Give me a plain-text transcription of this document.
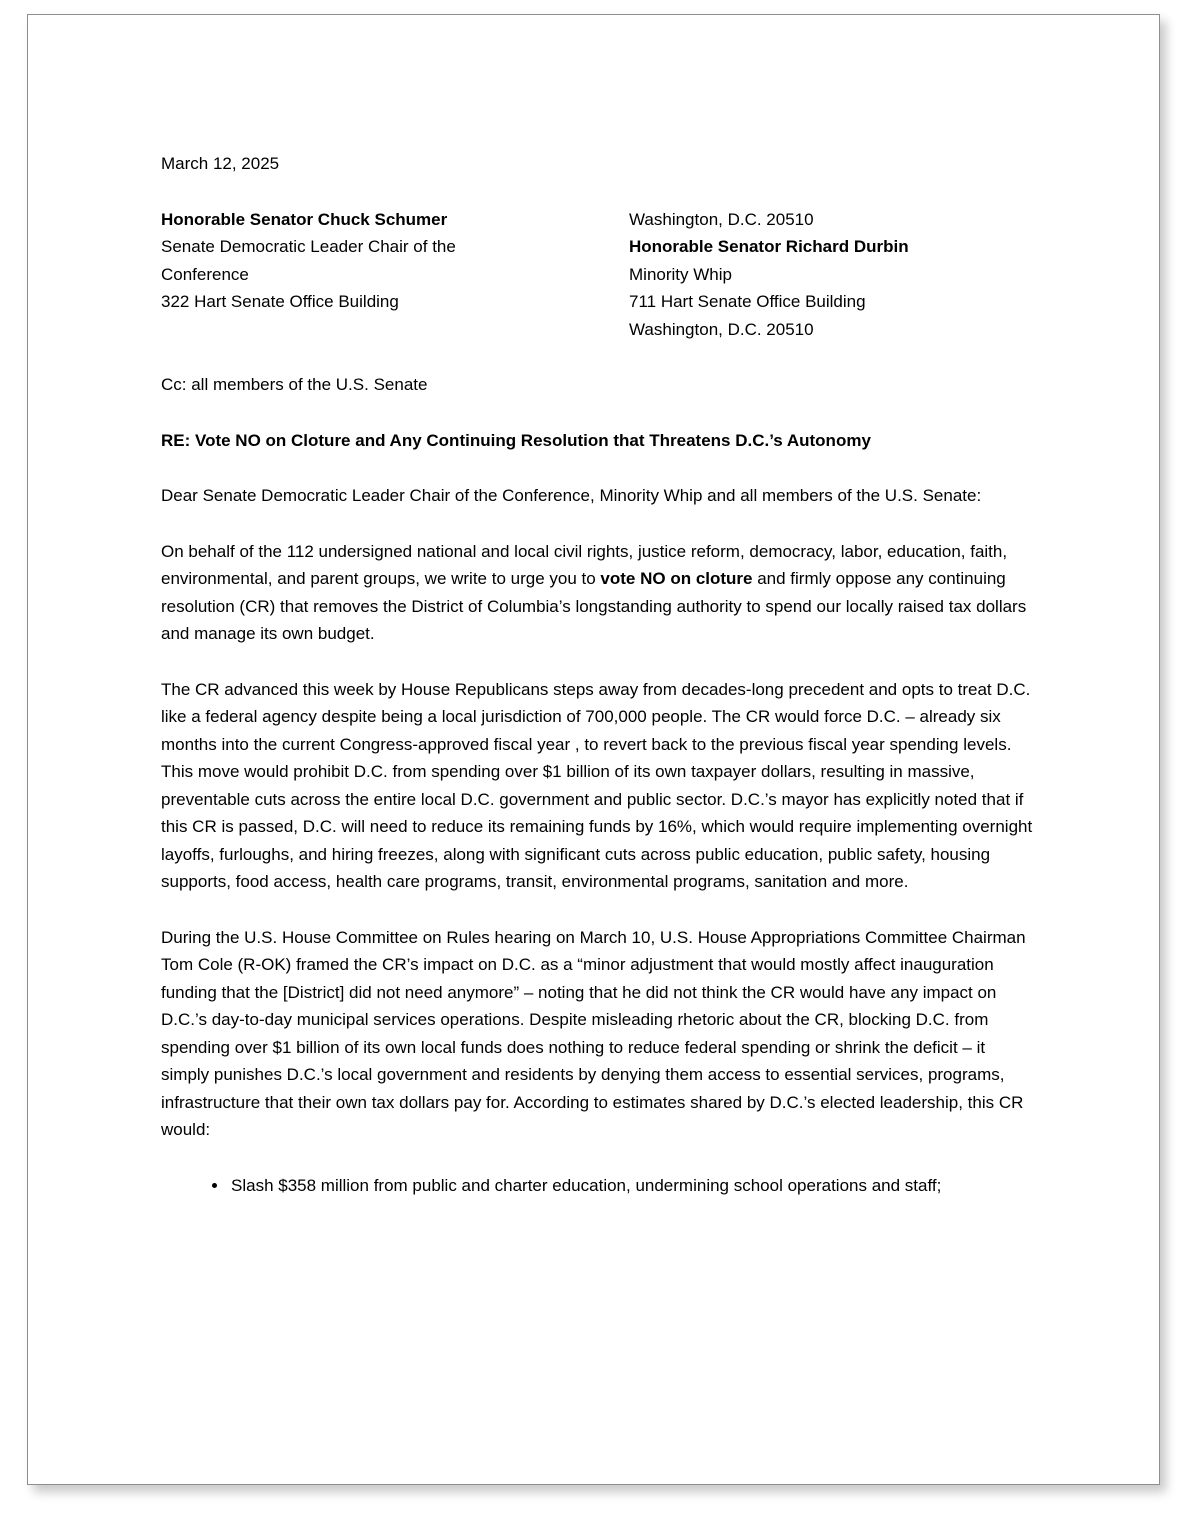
March 12, 2025

Honorable Senator Chuck Schumer
Senate Democratic Leader Chair of the
Conference
322 Hart Senate Office Building
Washington, D.C. 20510
Honorable Senator Richard Durbin
Minority Whip
711 Hart Senate Office Building
Washington, D.C. 20510

Cc: all members of the U.S. Senate

RE: Vote NO on Cloture and Any Continuing Resolution that Threatens D.C.’s Autonomy

Dear Senate Democratic Leader Chair of the Conference, Minority Whip and all members of the U.S. Senate:

On behalf of the 112 undersigned national and local civil rights, justice reform, democracy, labor, education, faith, environmental, and parent groups, we write to urge you to vote NO on cloture and firmly oppose any continuing resolution (CR) that removes the District of Columbia’s longstanding authority to spend our locally raised tax dollars and manage its own budget.

The CR advanced this week by House Republicans steps away from decades-long precedent and opts to treat D.C. like a federal agency despite being a local jurisdiction of 700,000 people. The CR would force D.C. – already six months into the current Congress-approved fiscal year , to revert back to the previous fiscal year spending levels. This move would prohibit D.C. from spending over $1 billion of its own taxpayer dollars, resulting in massive, preventable cuts across the entire local D.C. government and public sector. D.C.’s mayor has explicitly noted that if this CR is passed, D.C. will need to reduce its remaining funds by 16%, which would require implementing overnight layoffs, furloughs, and hiring freezes, along with significant cuts across public education, public safety, housing supports, food access, health care programs, transit, environmental programs, sanitation and more.

During the U.S. House Committee on Rules hearing on March 10, U.S. House Appropriations Committee Chairman Tom Cole (R-OK) framed the CR’s impact on D.C. as a “minor adjustment that would mostly affect inauguration funding that the [District] did not need anymore” – noting that he did not think the CR would have any impact on D.C.’s day-to-day municipal services operations. Despite misleading rhetoric about the CR, blocking D.C. from spending over $1 billion of its own local funds does nothing to reduce federal spending or shrink the deficit – it simply punishes D.C.’s local government and residents by denying them access to essential services, programs, infrastructure that their own tax dollars pay for. According to estimates shared by D.C.’s elected leadership, this CR would:

• Slash $358 million from public and charter education, undermining school operations and staff;
